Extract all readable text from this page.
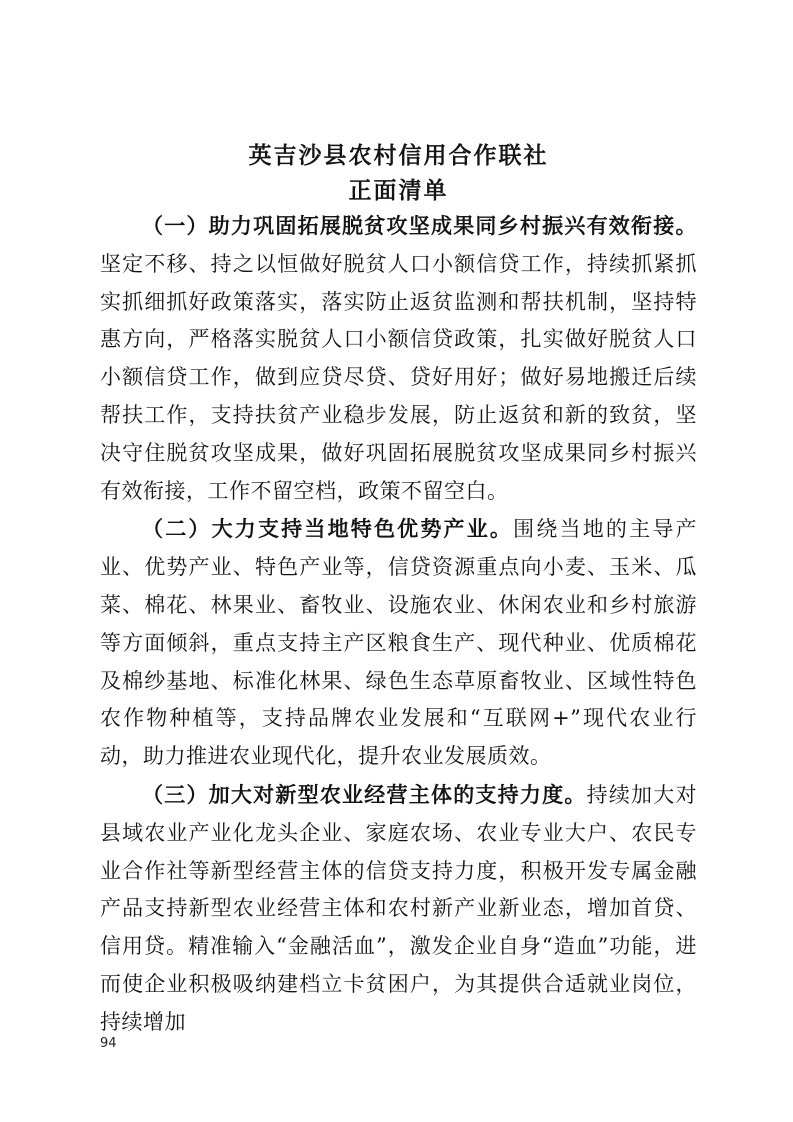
英吉沙县农村信用合作联社
正面清单

（一）助力巩固拓展脱贫攻坚成果同乡村振兴有效衔接。坚定不移、持之以恒做好脱贫人口小额信贷工作，持续抓紧抓实抓细抓好政策落实，落实防止返贫监测和帮扶机制，坚持特惠方向，严格落实脱贫人口小额信贷政策，扎实做好脱贫人口小额信贷工作，做到应贷尽贷、贷好用好；做好易地搬迁后续帮扶工作，支持扶贫产业稳步发展，防止返贫和新的致贫，坚决守住脱贫攻坚成果，做好巩固拓展脱贫攻坚成果同乡村振兴有效衔接，工作不留空档，政策不留空白。

（二）大力支持当地特色优势产业。围绕当地的主导产业、优势产业、特色产业等，信贷资源重点向小麦、玉米、瓜菜、棉花、林果业、畜牧业、设施农业、休闲农业和乡村旅游等方面倾斜，重点支持主产区粮食生产、现代种业、优质棉花及棉纱基地、标准化林果、绿色生态草原畜牧业、区域性特色农作物种植等，支持品牌农业发展和“互联网+”现代农业行动，助力推进农业现代化，提升农业发展质效。

（三）加大对新型农业经营主体的支持力度。持续加大对县域农业产业化龙头企业、家庭农场、农业专业大户、农民专业合作社等新型经营主体的信贷支持力度，积极开发专属金融产品支持新型农业经营主体和农村新产业新业态，增加首贷、信用贷。精准输入“金融活血”，激发企业自身“造血”功能，进而使企业积极吸纳建档立卡贫困户，为其提供合适就业岗位，持续增加

94
